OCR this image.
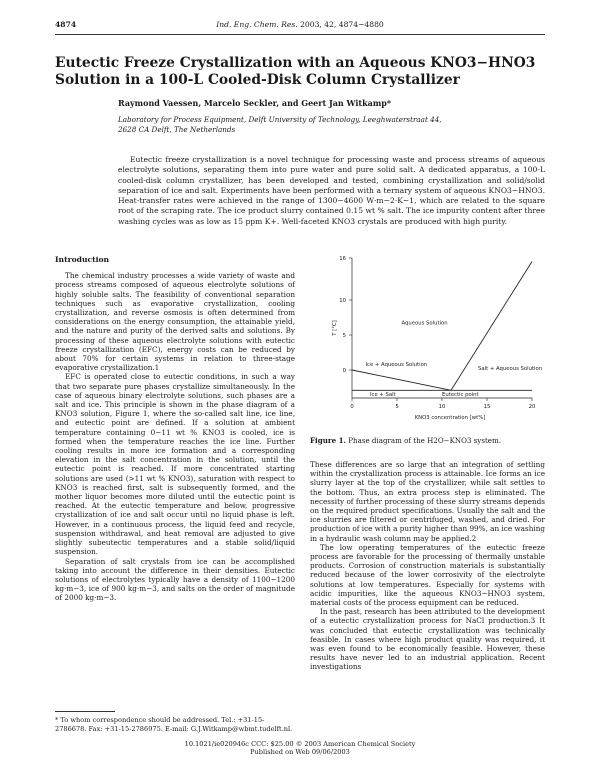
4874	Ind. Eng. Chem. Res. 2003, 42, 4874−4880
Eutectic Freeze Crystallization with an Aqueous KNO3−HNO3 Solution in a 100-L Cooled-Disk Column Crystallizer
Raymond Vaessen, Marcelo Seckler, and Geert Jan Witkamp*
Laboratory for Process Equipment, Delft University of Technology, Leeghwaterstraat 44,
2628 CA Delft, The Netherlands

Eutectic freeze crystallization is a novel technique for processing waste and process streams of aqueous electrolyte solutions, separating them into pure water and pure solid salt. A dedicated apparatus, a 100-L cooled-disk column crystallizer, has been developed and tested, combining crystallization and solid/solid separation of ice and salt. Experiments have been performed with a ternary system of aqueous KNO3−HNO3. Heat-transfer rates were achieved in the range of 1300−4600 W·m−2·K−1, which are related to the square root of the scraping rate. The ice product slurry contained 0.15 wt % salt. The ice impurity content after three washing cycles was as low as 15 ppm K+. Well-faceted KNO3 crystals are produced with high purity.

Introduction

The chemical industry processes a wide variety of waste and process streams composed of aqueous electrolyte solutions of highly soluble salts. The feasibility of conventional separation techniques such as evaporative crystallization, cooling crystallization, and reverse osmosis is often determined from considerations on the energy consumption, the attainable yield, and the nature and purity of the derived salts and solutions. By processing of these aqueous electrolyte solutions with eutectic freeze crystallization (EFC), energy costs can be reduced by about 70% for certain systems in relation to three-stage evaporative crystallization.1

EFC is operated close to eutectic conditions, in such a way that two separate pure phases crystallize simultaneously. In the case of aqueous binary electrolyte solutions, such phases are a salt and ice. This principle is shown in the phase diagram of a KNO3 solution, Figure 1, where the so-called salt line, ice line, and eutectic point are defined. If a solution at ambient temperature containing 0−11 wt % KNO3 is cooled, ice is formed when the temperature reaches the ice line. Further cooling results in more ice formation and a corresponding elevation in the salt concentration in the solution, until the eutectic point is reached. If more concentrated starting solutions are used (>11 wt % KNO3), saturation with respect to KNO3 is reached first, salt is subsequently formed, and the mother liquor becomes more diluted until the eutectic point is reached. At the eutectic temperature and below, progressive crystallization of ice and salt occur until no liquid phase is left. However, in a continuous process, the liquid feed and recycle, suspension withdrawal, and heat removal are adjusted to give slightly subeutectic temperatures and a stable solid/liquid suspension.

Separation of salt crystals from ice can be accomplished taking into account the difference in their densities. Eutectic solutions of electrolytes typically have a density of 1100−1200 kg·m−3, ice of 900 kg·m−3, and salts on the order of magnitude of 2000 kg·m−3.

* To whom correspondence should be addressed. Tel.: +31-15-2786678. Fax: +31-15-2786975. E-mail: G.J.Witkamp@wbmt.tudelft.nl.
0	5	10	15	20
16
10
5
0
KNO3 concentration [wt%]
T [°C]	Aqueous Solution
Ice + Aqueous Solution
Salt + Aqueous Solution
Eutectic point
Ice + Salt
Figure 1. Phase diagram of the H2O−KNO3 system.

These differences are so large that an integration of settling within the crystallization process is attainable. Ice forms an ice slurry layer at the top of the crystallizer, while salt settles to the bottom. Thus, an extra process step is eliminated. The necessity of further processing of these slurry streams depends on the required product specifications. Usually the salt and the ice slurries are filtered or centrifuged, washed, and dried. For production of ice with a purity higher than 99%, an ice washing in a hydraulic wash column may be applied.2

The low operating temperatures of the eutectic freeze process are favorable for the processing of thermally unstable products. Corrosion of construction materials is substantially reduced because of the lower corrosivity of the electrolyte solutions at low temperatures. Especially for systems with acidic impurities, like the aqueous KNO3−HNO3 system, material costs of the process equipment can be reduced.

In the past, research has been attributed to the development of a eutectic crystallization process for NaCl production.3 It was concluded that eutectic crystallization was technically feasible. In cases where high product quality was required, it was even found to be economically feasible. However, these results have never led to an industrial application. Recent investigations

10.1021/ie020946c CCC: $25.00 © 2003 American Chemical Society
Published on Web 09/06/2003
